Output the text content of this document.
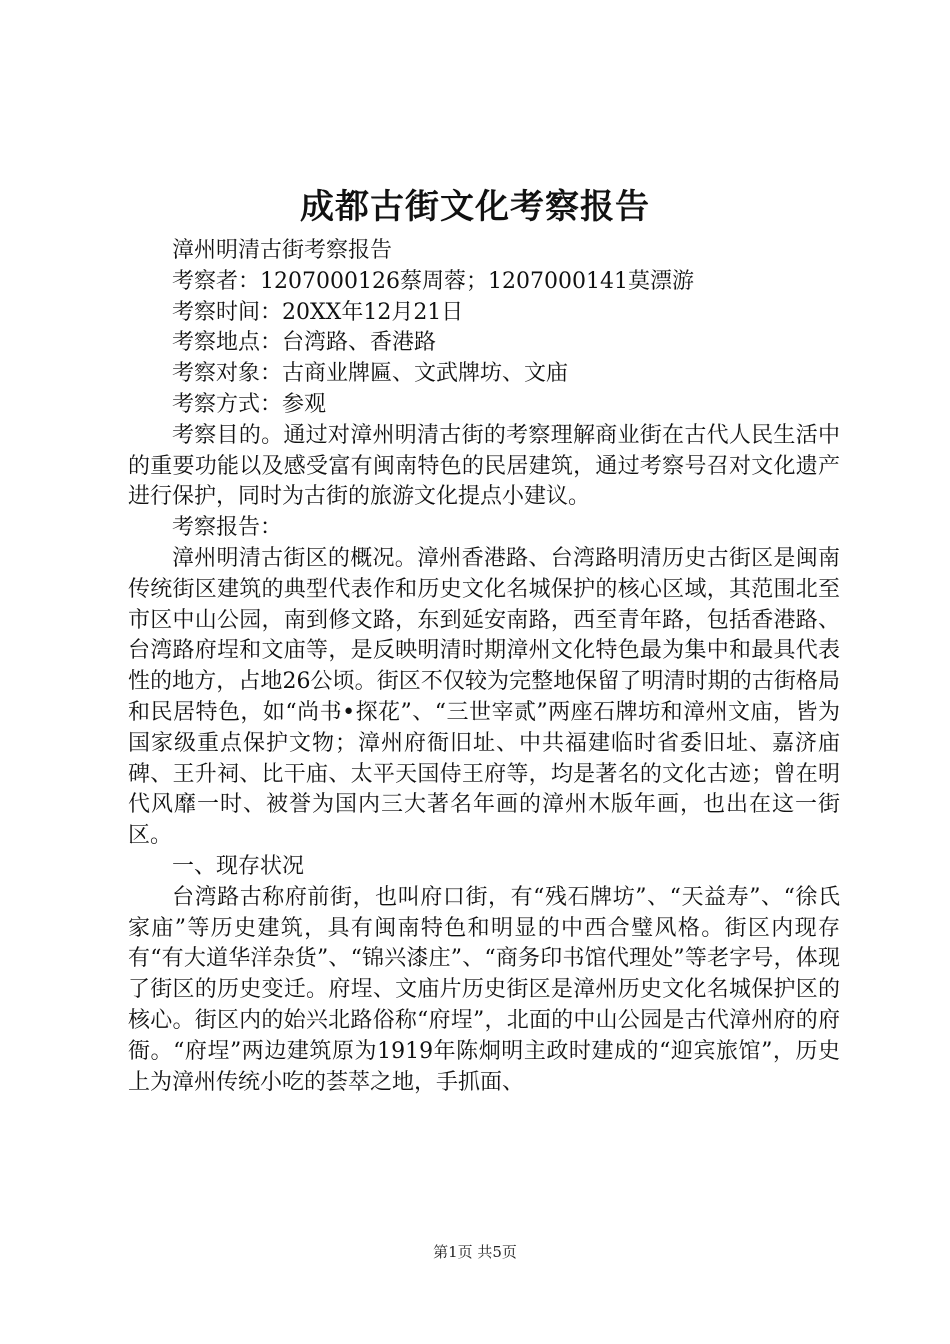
成都古街文化考察报告

漳州明清古街考察报告

考察者：1207000126蔡周蓉；1207000141莫漂游

考察时间：20XX年12月21日

考察地点：台湾路、香港路

考察对象：古商业牌匾、文武牌坊、文庙

考察方式：参观

考察目的。通过对漳州明清古街的考察理解商业街在古代人民生活中的重要功能以及感受富有闽南特色的民居建筑，通过考察号召对文化遗产进行保护，同时为古街的旅游文化提点小建议。

考察报告：

漳州明清古街区的概况。漳州香港路、台湾路明清历史古街区是闽南传统街区建筑的典型代表作和历史文化名城保护的核心区域，其范围北至市区中山公园，南到修文路，东到延安南路，西至青年路，包括香港路、台湾路府埕和文庙等，是反映明清时期漳州文化特色最为集中和最具代表性的地方，占地26公顷。街区不仅较为完整地保留了明清时期的古街格局和民居特色，如“尚书•探花”、“三世宰贰”两座石牌坊和漳州文庙，皆为国家级重点保护文物；漳州府衙旧址、中共福建临时省委旧址、嘉济庙碑、王升祠、比干庙、太平天国侍王府等，均是著名的文化古迹；曾在明代风靡一时、被誉为国内三大著名年画的漳州木版年画，也出在这一街区。

一、现存状况

台湾路古称府前街，也叫府口街，有“残石牌坊”、“天益寿”、“徐氏家庙”等历史建筑，具有闽南特色和明显的中西合璧风格。街区内现存有“有大道华洋杂货”、“锦兴漆庄”、“商务印书馆代理处”等老字号，体现了街区的历史变迁。府埕、文庙片历史街区是漳州历史文化名城保护区的核心。街区内的始兴北路俗称“府埕”，北面的中山公园是古代漳州府的府衙。“府埕”两边建筑原为1919年陈炯明主政时建成的“迎宾旅馆”，历史上为漳州传统小吃的荟萃之地，手抓面、

第1页 共5页
